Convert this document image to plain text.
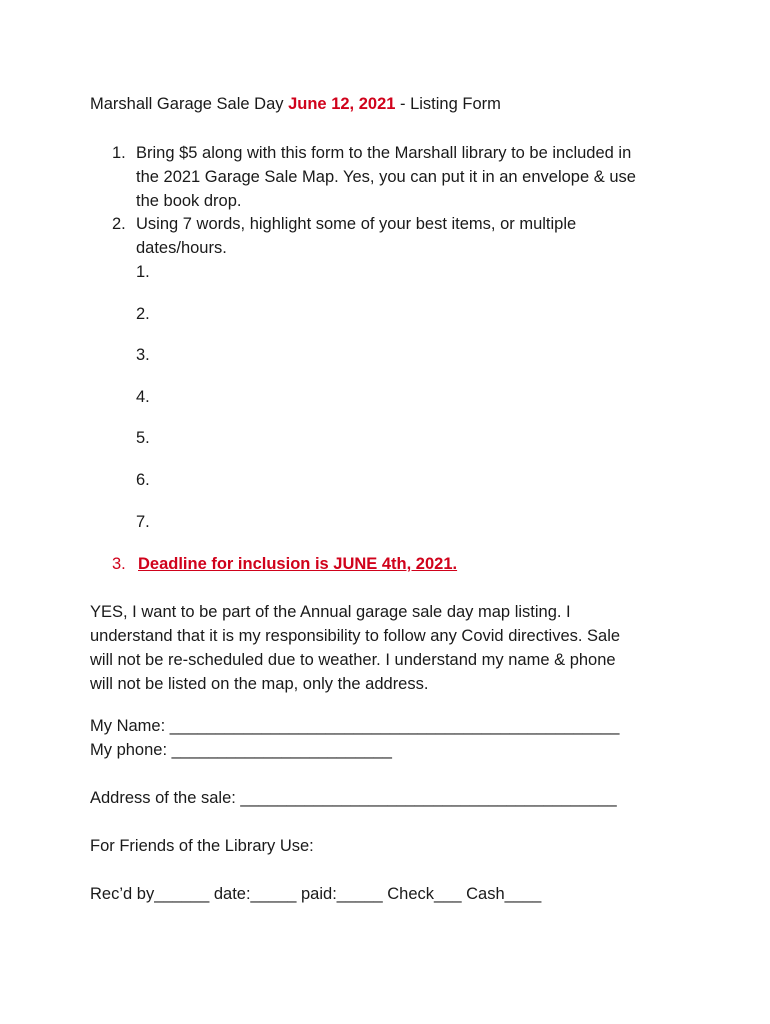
Marshall Garage Sale Day June 12, 2021 - Listing Form
1. Bring $5 along with this form to the Marshall library to be included in
the 2021 Garage Sale Map. Yes, you can put it in an envelope & use
the book drop.
2. Using 7 words, highlight some of your best items, or multiple
dates/hours.
1.
2.
3.
4.
5.
6.
7.
3. Deadline for inclusion is JUNE 4th, 2021.
YES, I want to be part of the Annual garage sale day map listing. I
understand that it is my responsibility to follow any Covid directives. Sale
will not be re-scheduled due to weather. I understand my name & phone
will not be listed on the map, only the address.
My Name: _________________________________________________
My phone: ________________________
Address of the sale: _________________________________________
For Friends of the Library Use:
Rec’d by______ date:_____ paid:_____ Check___ Cash____
